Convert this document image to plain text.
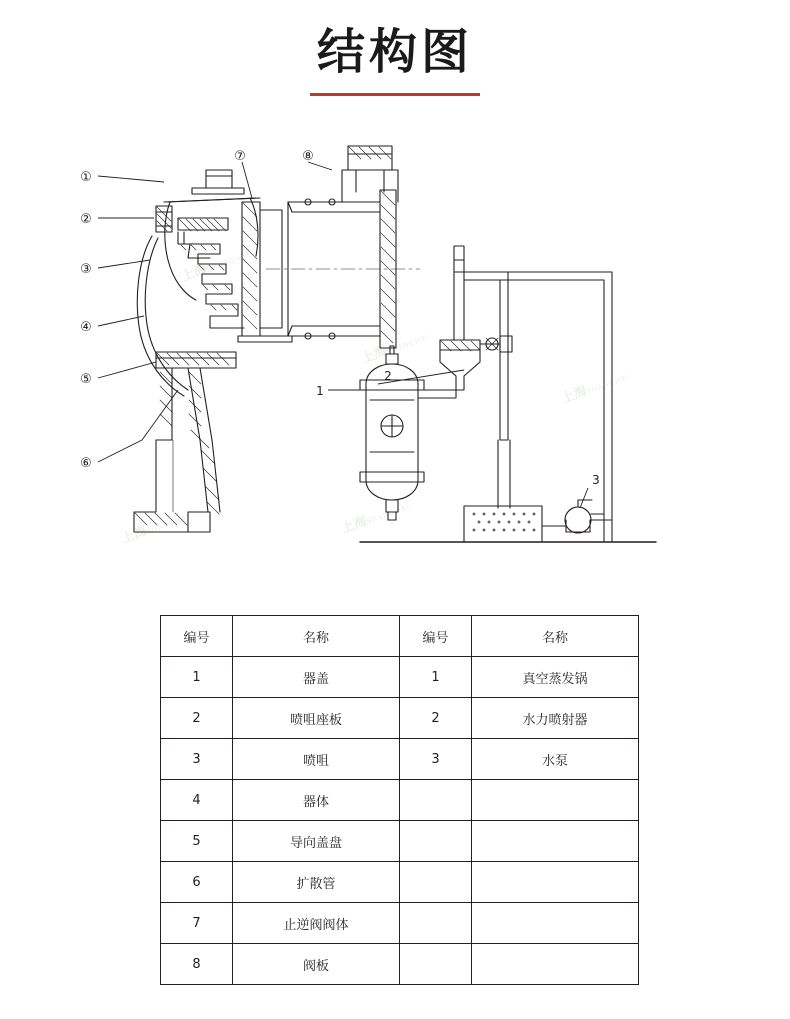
结构图
①
②
③
④
⑤
⑥
⑦	⑧
1
2
3
上海SHANGHAI
上海SHANGHAI
上海SHANGHAI
上海SHANGHAI	上海SHANGHAI
编号	名称	编号	名称
1	器盖	1	真空蒸发锅
2	喷咀座板	2	水力喷射器
3	喷咀	3	水泵
4	器体		
5	导向盖盘		
6	扩散管		
7	止逆阀阀体		
8	阀板		
